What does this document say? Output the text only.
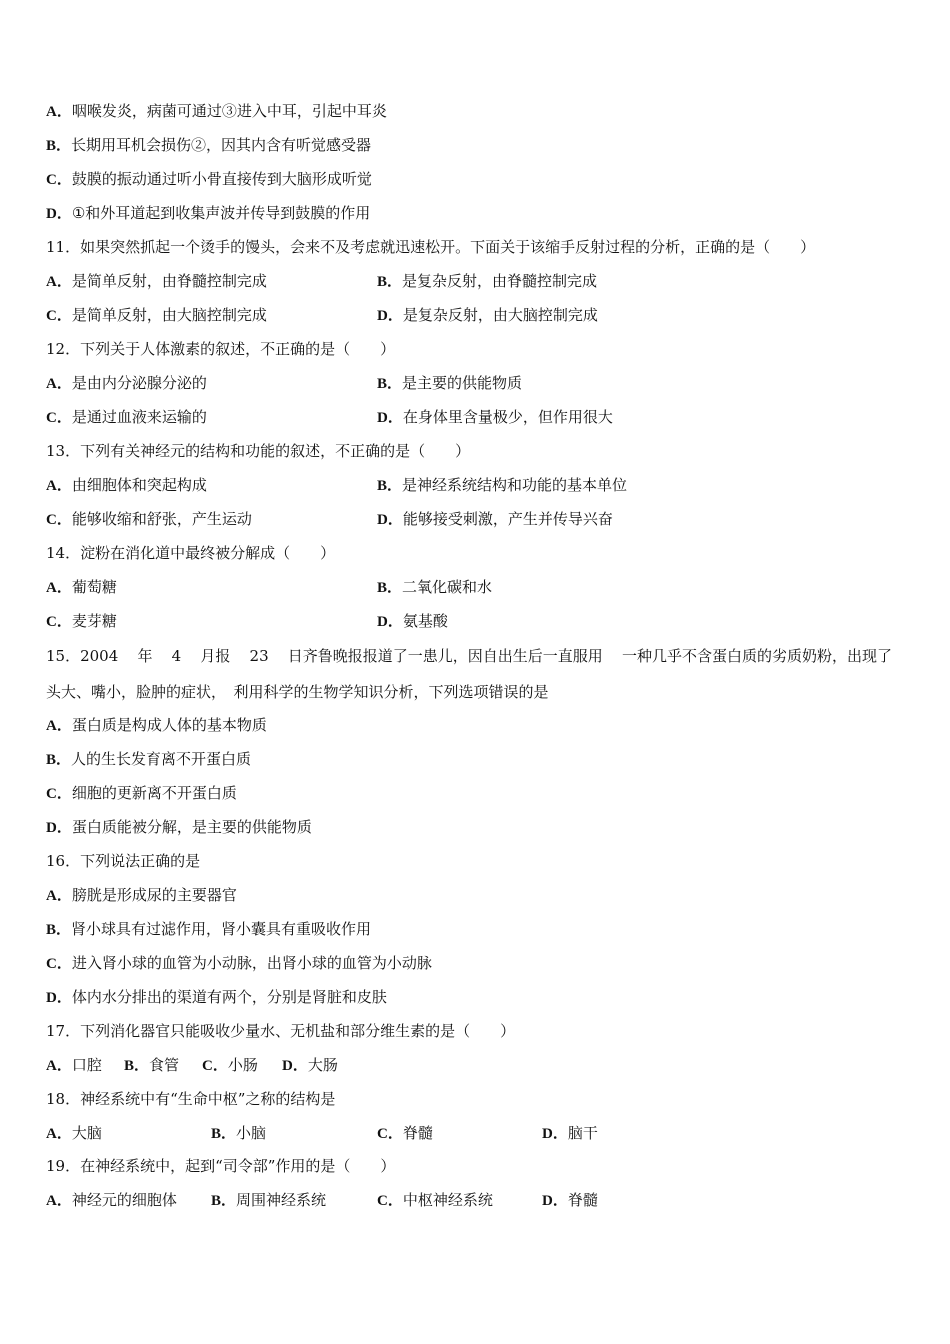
A．咽喉发炎，病菌可通过③进入中耳，引起中耳炎
B．长期用耳机会损伤②，因其内含有听觉感受器
C．鼓膜的振动通过听小骨直接传到大脑形成听觉
D．①和外耳道起到收集声波并传导到鼓膜的作用
11．如果突然抓起一个烫手的馒头，会来不及考虑就迅速松开。下面关于该缩手反射过程的分析，正确的是（　　）
A．是简单反射，由脊髓控制完成	B．是复杂反射，由脊髓控制完成
C．是简单反射，由大脑控制完成	D．是复杂反射，由大脑控制完成
12．下列关于人体激素的叙述，不正确的是（　　）
A．是由内分泌腺分泌的	B．是主要的供能物质
C．是通过血液来运输的	D．在身体里含量极少，但作用很大
13．下列有关神经元的结构和功能的叙述，不正确的是（　　）
A．由细胞体和突起构成	B．是神经系统结构和功能的基本单位
C．能够收缩和舒张，产生运动	D．能够接受刺激，产生并传导兴奋
14．淀粉在消化道中最终被分解成（　　）
A．葡萄糖	B．二氧化碳和水
C．麦芽糖	D．氨基酸
15．2004 年 4 月报 23 日齐鲁晚报报道了一患儿，因自出生后一直服用 一种几乎不含蛋白质的劣质奶粉，出现了
头大、嘴小，脸肿的症状，　利用科学的生物学知识分析，下列选项错误的是
A．蛋白质是构成人体的基本物质
B．人的生长发育离不开蛋白质
C．细胞的更新离不开蛋白质
D．蛋白质能被分解，是主要的供能物质
16．下列说法正确的是
A．膀胱是形成尿的主要器官
B．肾小球具有过滤作用，肾小囊具有重吸收作用
C．进入肾小球的血管为小动脉，出肾小球的血管为小动脉
D．体内水分排出的渠道有两个，分别是肾脏和皮肤
17．下列消化器官只能吸收少量水、无机盐和部分维生素的是（　　）
A．口腔 B．食管 C．小肠 D．大肠
18．神经系统中有“生命中枢”之称的结构是
A．大脑	B．小脑	C．脊髓	D．脑干
19．在神经系统中，起到“司令部”作用的是（　　）
A．神经元的细胞体 B．周围神经系统	C．中枢神经系统	D．脊髓
